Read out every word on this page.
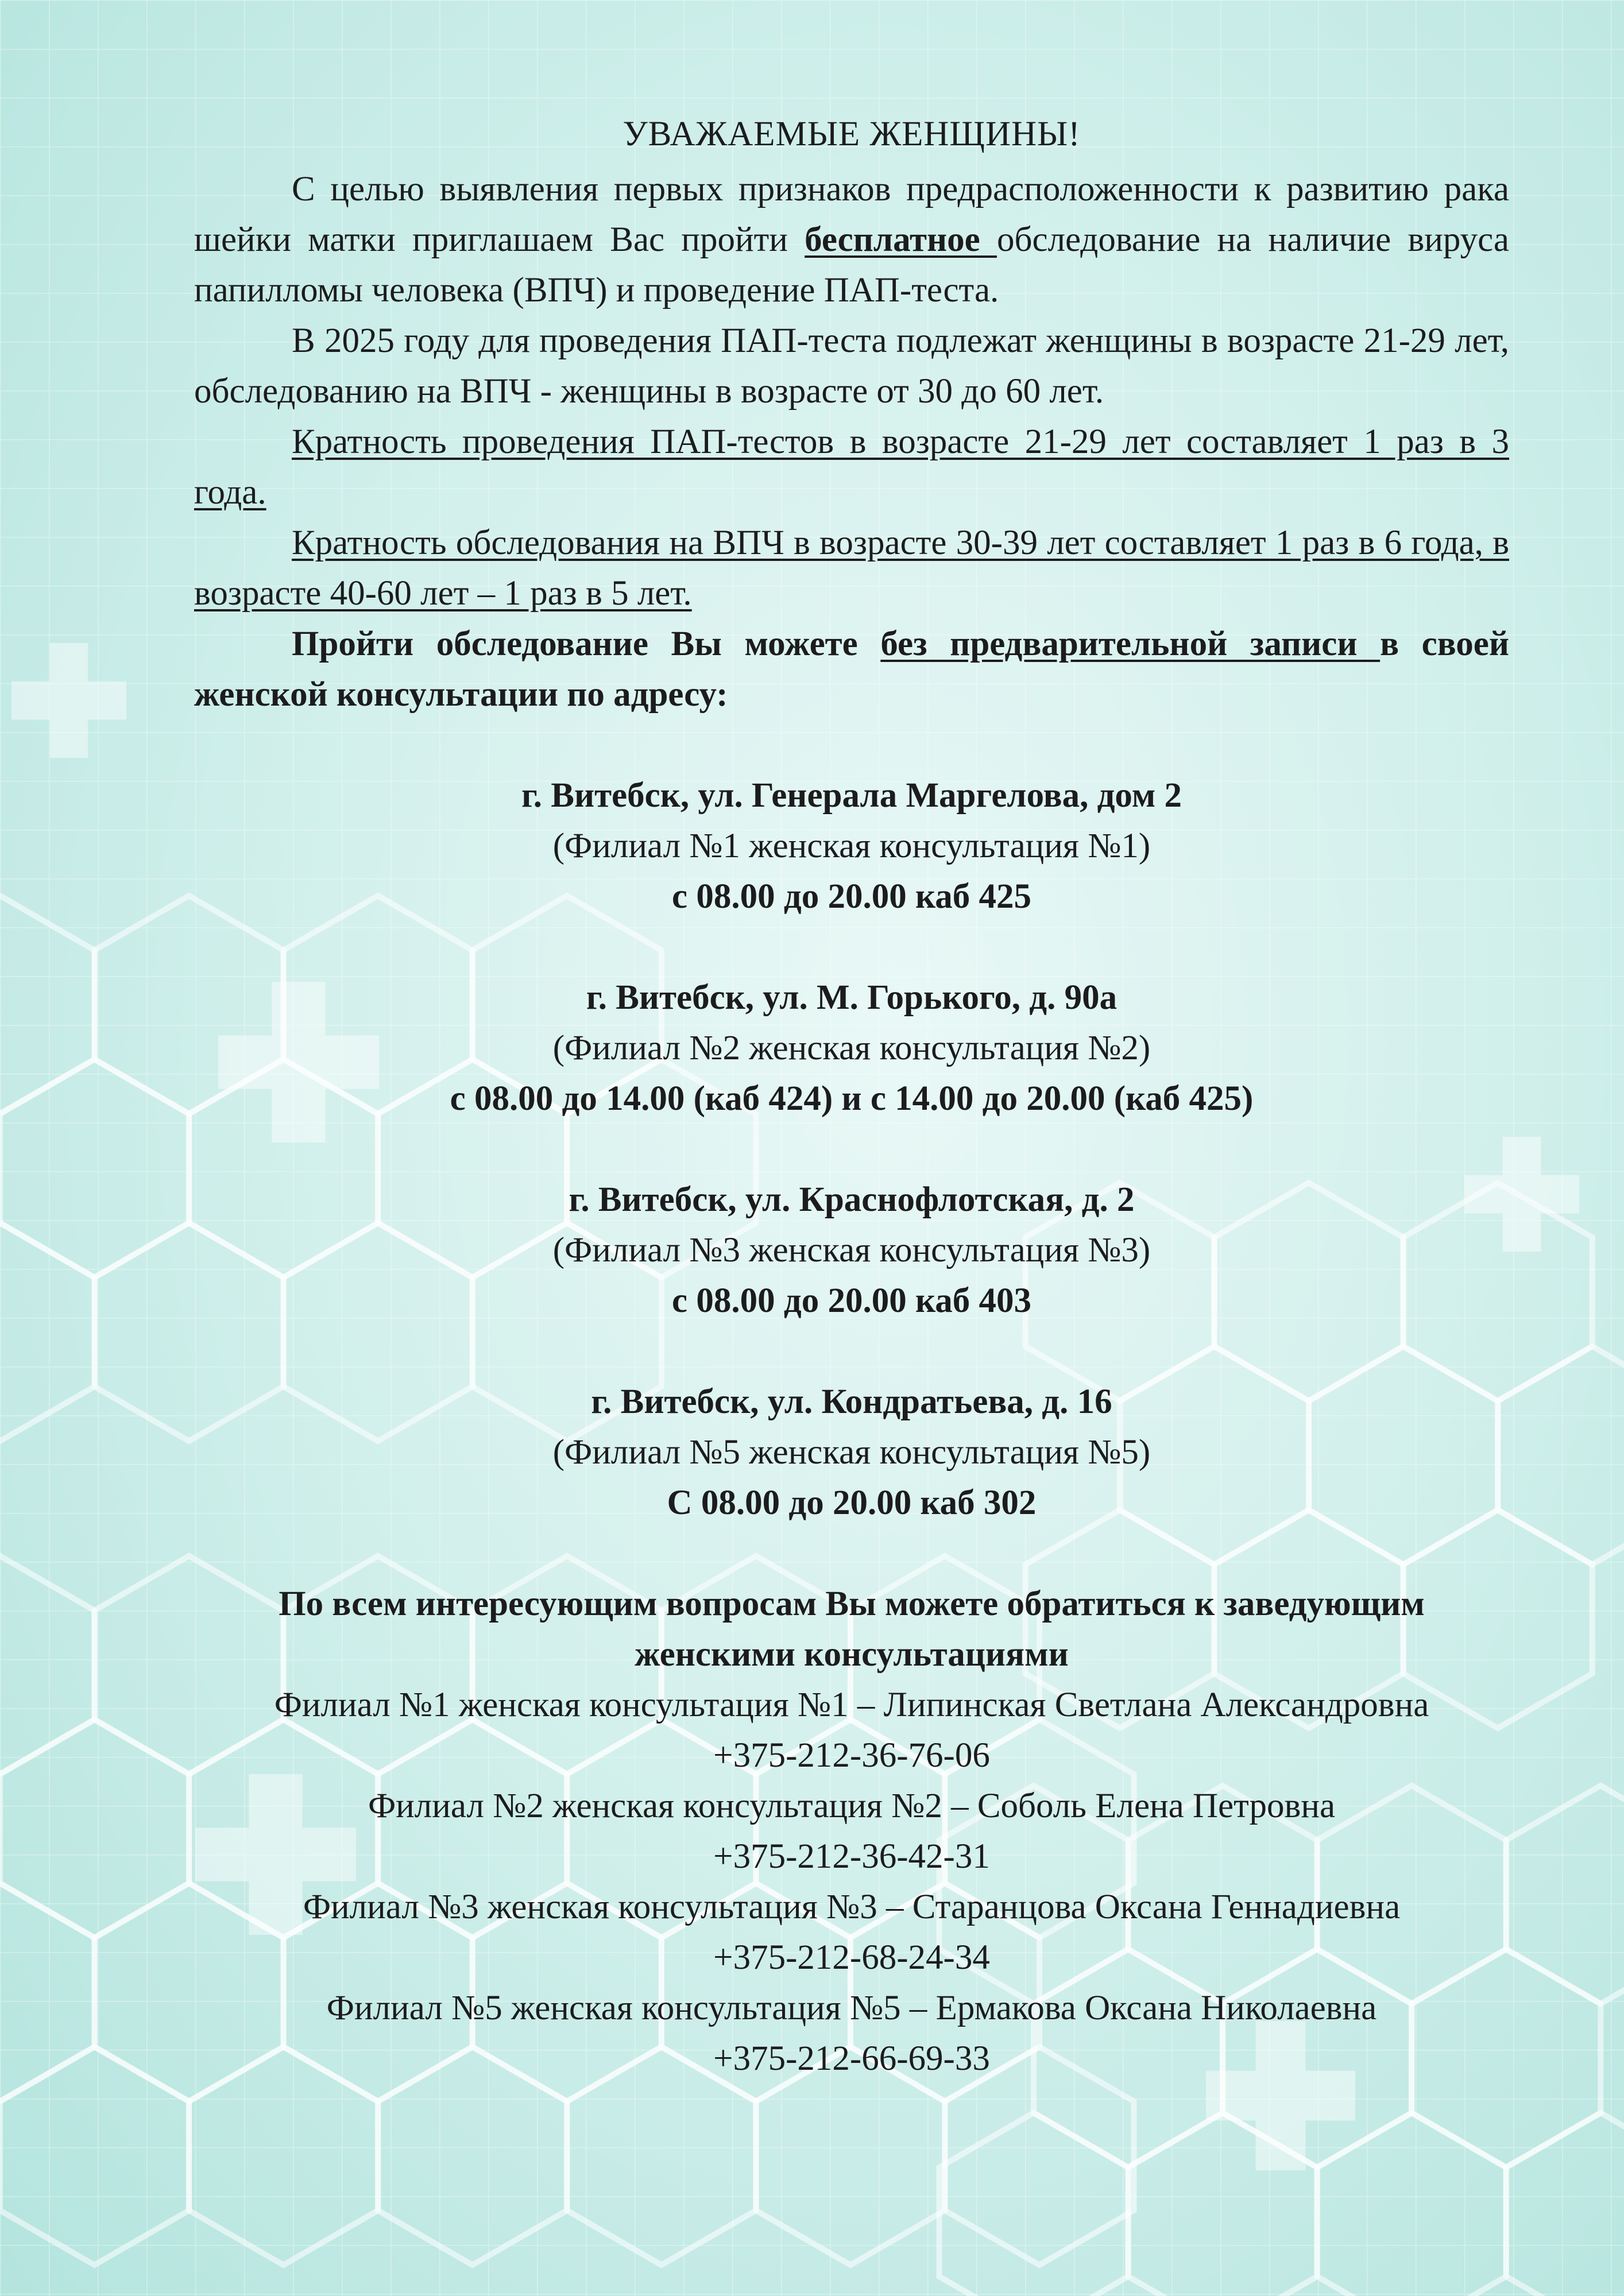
УВАЖАЕМЫЕ ЖЕНЩИНЫ!

С целью выявления первых признаков предрасположенности к развитию рака шейки матки приглашаем Вас пройти бесплатное обследование на наличие вируса папилломы человека (ВПЧ) и проведение ПАП-теста.

В 2025 году для проведения ПАП-теста подлежат женщины в возрасте 21-29 лет, обследованию на ВПЧ - женщины в возрасте от 30 до 60 лет.

Кратность проведения ПАП-тестов в возрасте 21-29 лет составляет 1 раз в 3 года.

Кратность обследования на ВПЧ в возрасте 30-39 лет составляет 1 раз в 6 года, в возрасте 40-60 лет – 1 раз в 5 лет.

Пройти обследование Вы можете без предварительной записи в своей женской консультации по адресу:

г. Витебск, ул. Генерала Маргелова, дом 2

(Филиал №1 женская консультация №1)

с 08.00 до 20.00 каб 425

г. Витебск, ул. М. Горького, д. 90а

(Филиал №2 женская консультация №2)

с 08.00 до 14.00 (каб 424) и с 14.00 до 20.00 (каб 425)

г. Витебск, ул. Краснофлотская, д. 2

(Филиал №3 женская консультация №3)

с 08.00 до 20.00 каб 403

г. Витебск, ул. Кондратьева, д. 16

(Филиал №5 женская консультация №5)

С 08.00 до 20.00 каб 302

По всем интересующим вопросам Вы можете обратиться к заведующим женскими консультациями

Филиал №1 женская консультация №1 – Липинская Светлана Александровна

+375-212-36-76-06

Филиал №2 женская консультация №2 – Соболь Елена Петровна

+375-212-36-42-31

Филиал №3 женская консультация №3 – Старанцова Оксана Геннадиевна

+375-212-68-24-34

Филиал №5 женская консультация №5 – Ермакова Оксана Николаевна

+375-212-66-69-33
